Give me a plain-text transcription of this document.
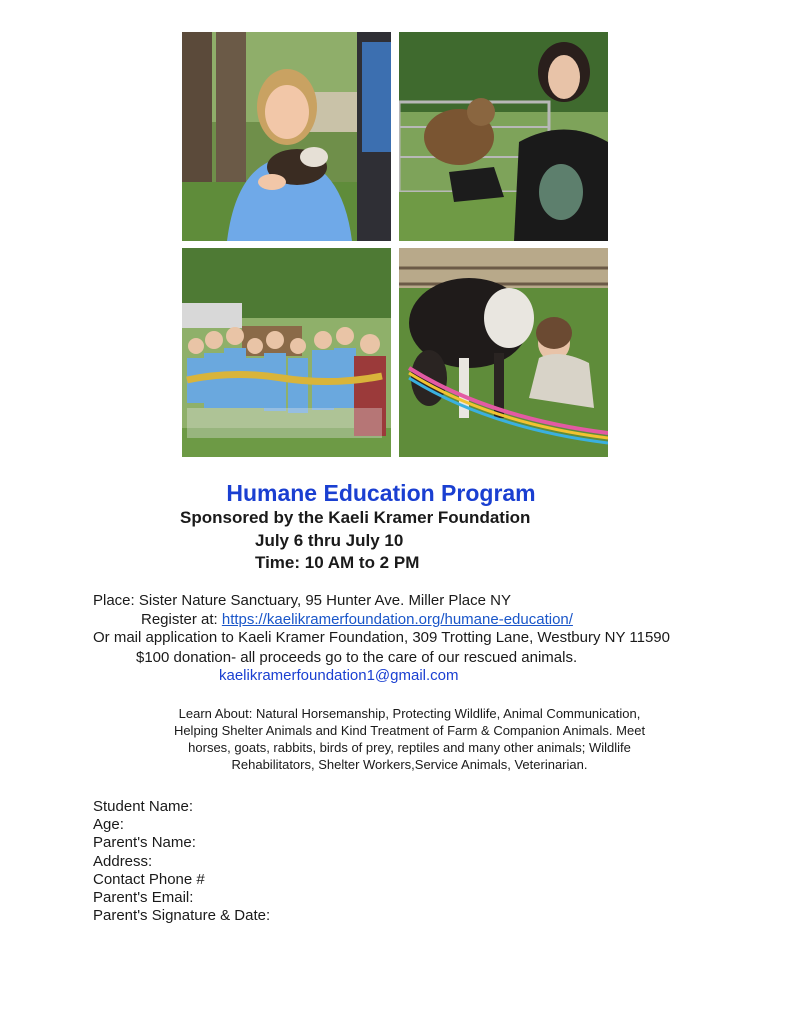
Humane Education Program
Sponsored by the Kaeli Kramer Foundation
July 6 thru July 10
Time: 10 AM to 2 PM
Place: Sister Nature Sanctuary, 95 Hunter Ave. Miller Place NY
Register at: https://kaelikramerfoundation.org/humane-education/
Or mail application to Kaeli Kramer Foundation, 309 Trotting Lane, Westbury NY 11590
$100 donation- all proceeds go to the care of our rescued animals.
kaelikramerfoundation1@gmail.com
Learn About: Natural Horsemanship, Protecting Wildlife, Animal Communication, Helping Shelter Animals and Kind Treatment of Farm & Companion Animals. Meet horses, goats, rabbits, birds of prey, reptiles and many other animals; Wildlife Rehabilitators, Shelter Workers,Service Animals, Veterinarian.
Student Name:
Age:
Parent's Name:
Address:
Contact Phone #
Parent's Email:
Parent's Signature & Date:
